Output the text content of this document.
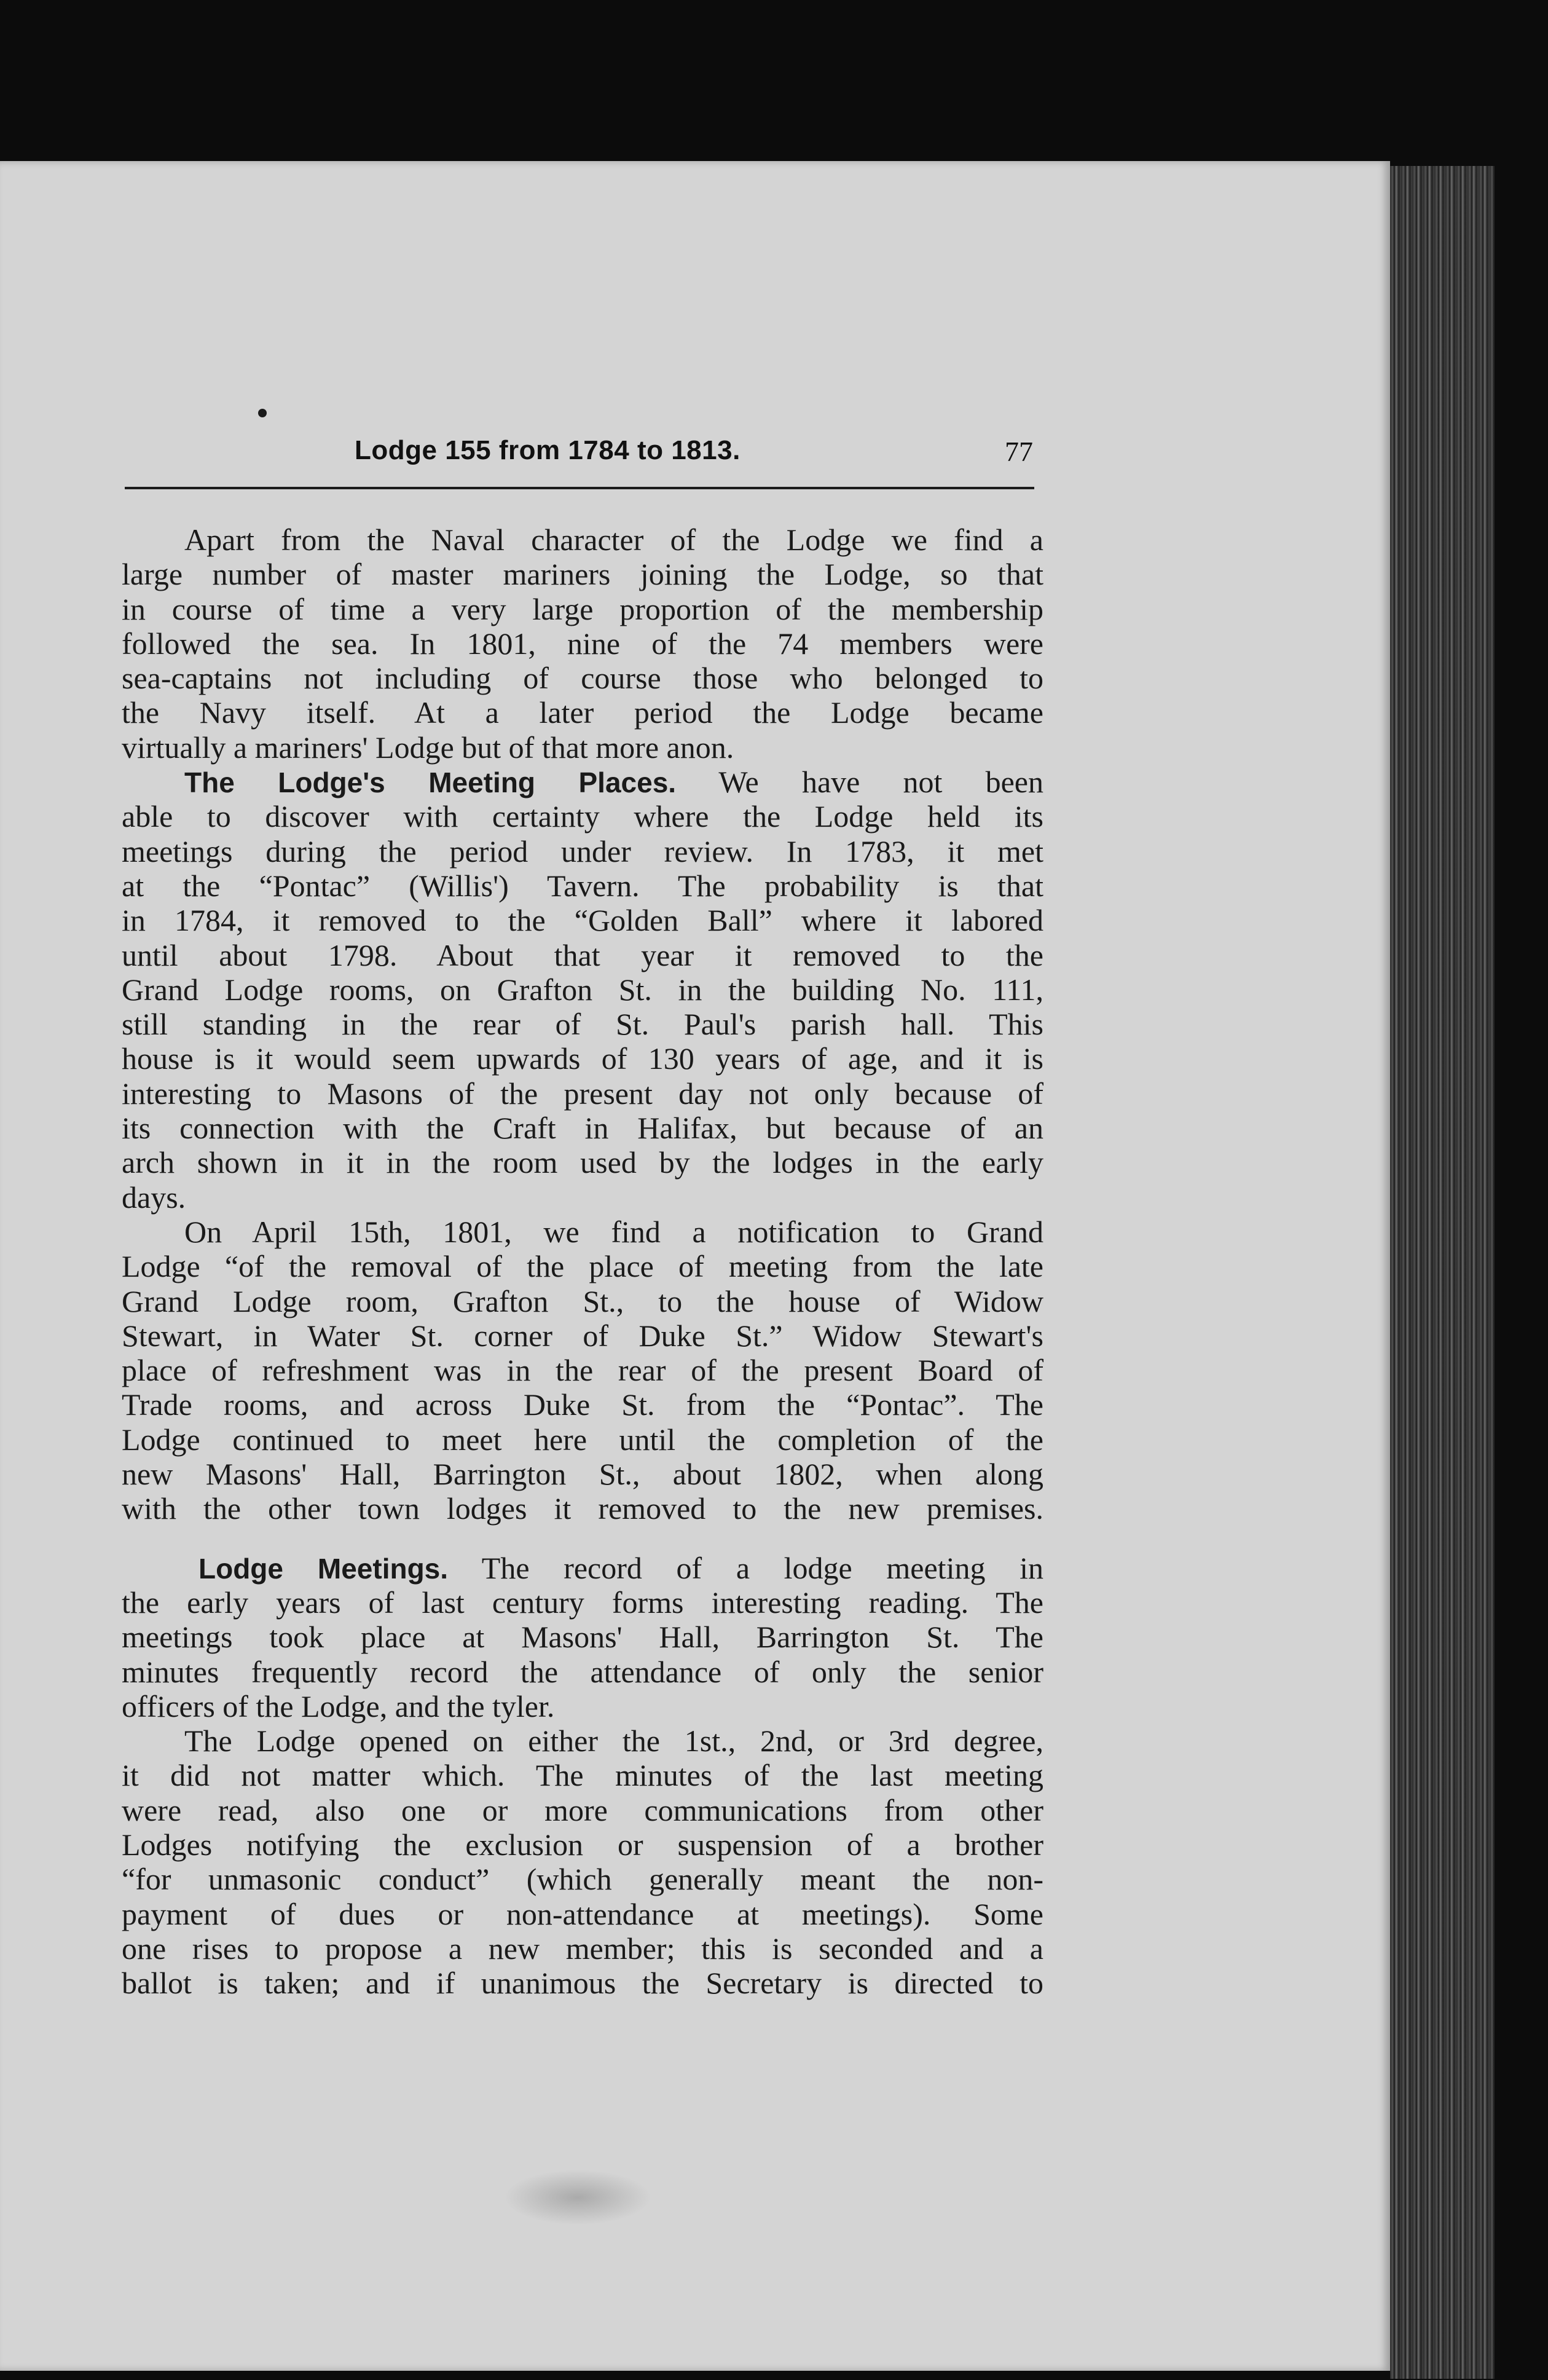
Lodge 155 from 1784 to 1813.	77
Apart from the Naval character of the Lodge we find a
large number of master mariners joining the Lodge, so that
in course of time a very large proportion of the membership
followed the sea. In 1801, nine of the 74 members were
sea-captains not including of course those who belonged to
the Navy itself. At a later period the Lodge became
virtually a mariners' Lodge but of that more anon.
The Lodge's Meeting Places. We have not been
able to discover with certainty where the Lodge held its
meetings during the period under review. In 1783, it met
at the “Pontac” (Willis') Tavern. The probability is that
in 1784, it removed to the “Golden Ball” where it labored
until about 1798. About that year it removed to the
Grand Lodge rooms, on Grafton St. in the building No. 111,
still standing in the rear of St. Paul's parish hall. This
house is it would seem upwards of 130 years of age, and it is
interesting to Masons of the present day not only because of
its connection with the Craft in Halifax, but because of an
arch shown in it in the room used by the lodges in the early
days.
On April 15th, 1801, we find a notification to Grand
Lodge “of the removal of the place of meeting from the late
Grand Lodge room, Grafton St., to the house of Widow
Stewart, in Water St. corner of Duke St.” Widow Stewart's
place of refreshment was in the rear of the present Board of
Trade rooms, and across Duke St. from the “Pontac”. The
Lodge continued to meet here until the completion of the
new Masons' Hall, Barrington St., about 1802, when along
with the other town lodges it removed to the new premises.
Lodge Meetings. The record of a lodge meeting in
the early years of last century forms interesting reading. The
meetings took place at Masons' Hall, Barrington St. The
minutes frequently record the attendance of only the senior
officers of the Lodge, and the tyler.
The Lodge opened on either the 1st., 2nd, or 3rd degree,
it did not matter which. The minutes of the last meeting
were read, also one or more communications from other
Lodges notifying the exclusion or suspension of a brother
“for unmasonic conduct” (which generally meant the non-
payment of dues or non-attendance at meetings). Some
one rises to propose a new member; this is seconded and a
ballot is taken; and if unanimous the Secretary is directed to
